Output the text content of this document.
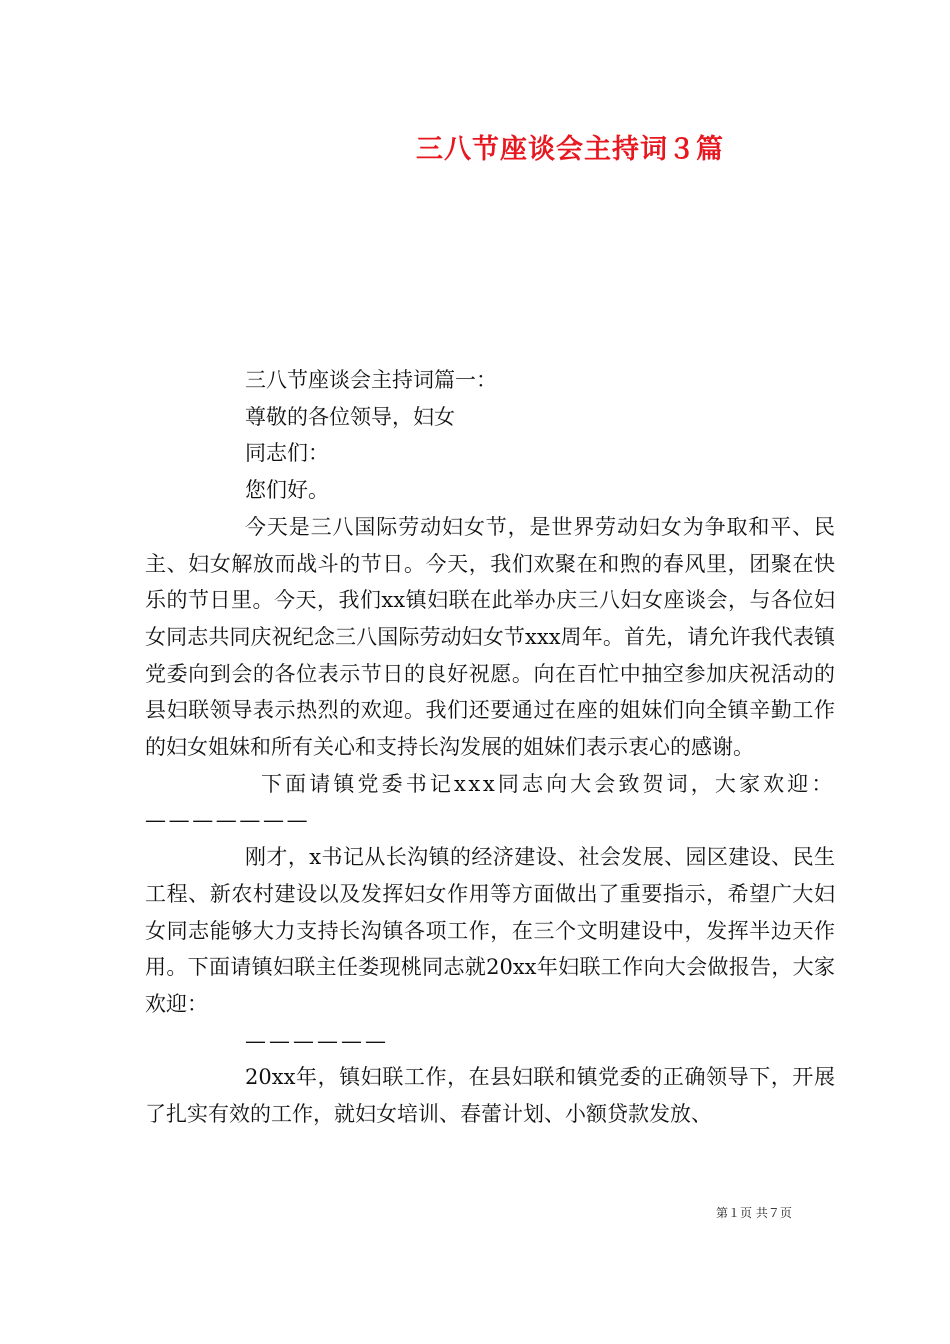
三八节座谈会主持词３篇

三八节座谈会主持词篇一：

尊敬的各位领导，妇女

同志们：

您们好。

今天是三八国际劳动妇女节，是世界劳动妇女为争取和平、民主、妇女解放而战斗的节日。今天，我们欢聚在和煦的春风里，团聚在快乐的节日里。今天，我们xx镇妇联在此举办庆三八妇女座谈会，与各位妇女同志共同庆祝纪念三八国际劳动妇女节xxx周年。首先，请允许我代表镇党委向到会的各位表示节日的良好祝愿。向在百忙中抽空参加庆祝活动的县妇联领导表示热烈的欢迎。我们还要通过在座的姐妹们向全镇辛勤工作的妇女姐妹和所有关心和支持长沟发展的姐妹们表示衷心的感谢。

下面请镇党委书记xxx同志向大会致贺词，大家欢迎：———————

刚才，x书记从长沟镇的经济建设、社会发展、园区建设、民生工程、新农村建设以及发挥妇女作用等方面做出了重要指示，希望广大妇女同志能够大力支持长沟镇各项工作，在三个文明建设中，发挥半边天作用。下面请镇妇联主任娄现桃同志就20xx年妇联工作向大会做报告，大家欢迎：

——————

20xx年，镇妇联工作，在县妇联和镇党委的正确领导下，开展了扎实有效的工作，就妇女培训、春蕾计划、小额贷款发放、

第１页 共７页
